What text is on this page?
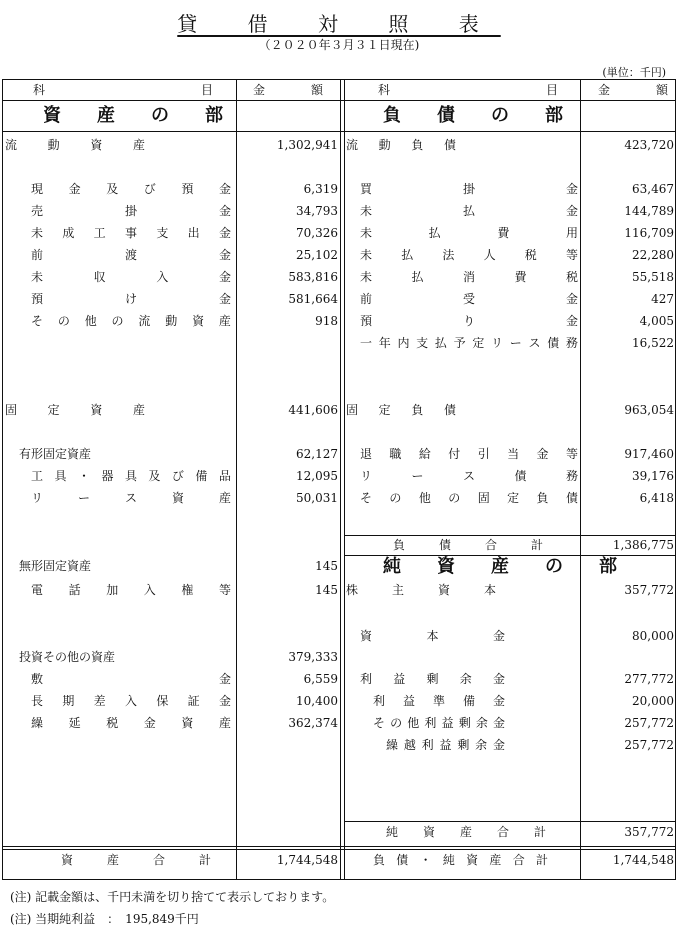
貸 借 対 照 表
（２０２０年３月３１日現在)
(単位：千円)
科	目	金	額	科	目	金	額
資　　産　　の　　部	負　　債　　の　　部
純　　資　　産　　の　　部
流	動	資	産	1,302,941
現 金 及 び 預 金	6,319
売	掛	金	34,793
未 成 工 事 支 出 金	70,326
前	渡	金	25,102
未	収	入	金	583,816
預	け	金	581,664
そ の 他 の 流 動 資 産	918
固	定	資	産	441,606
有形固定資産	62,127
工 具 ・ 器 具 及 び 備 品	12,095
リ	ー	ス	資	産	50,031
無形固定資産	145
電 話 加 入 権 等	145
投資その他の資産	379,333
敷	金	6,559
長 期 差 入 保 証 金	10,400
繰 延 税 金 資 産	362,374
流 動 負 債	423,720
買	掛	金	63,467
未	払	金	144,789
未	払	費	用	116,709
未 払 法 人 税 等	22,280
未	払	消	費	税	55,518
前	受	金	427
預	り	金	4,005
一 年 内 支 払 予 定 リ ー ス 債 務	16,522
固 定 負 債	963,054
退 職 給 付 引 当 金 等	917,460
リ	ー	ス	債	務	39,176
そ の 他 の 固 定 負 債	6,418
負	債	合	計	1,386,775
株	主	資	本	357,772
資	本	金	80,000
利 益 剰 余 金	277,772
利 益 準 備 金	20,000
そ の 他 利 益 剰 余 金	257,772
繰 越 利 益 剰 余 金	257,772
純 資 産 合 計	357,772
資	産	合	計	1,744,548	負 債 ・ 純 資 産 合 計	1,744,548
(注) 記載金額は、千円未満を切り捨てて表示しております。
(注) 当期純利益　：　195,849千円
